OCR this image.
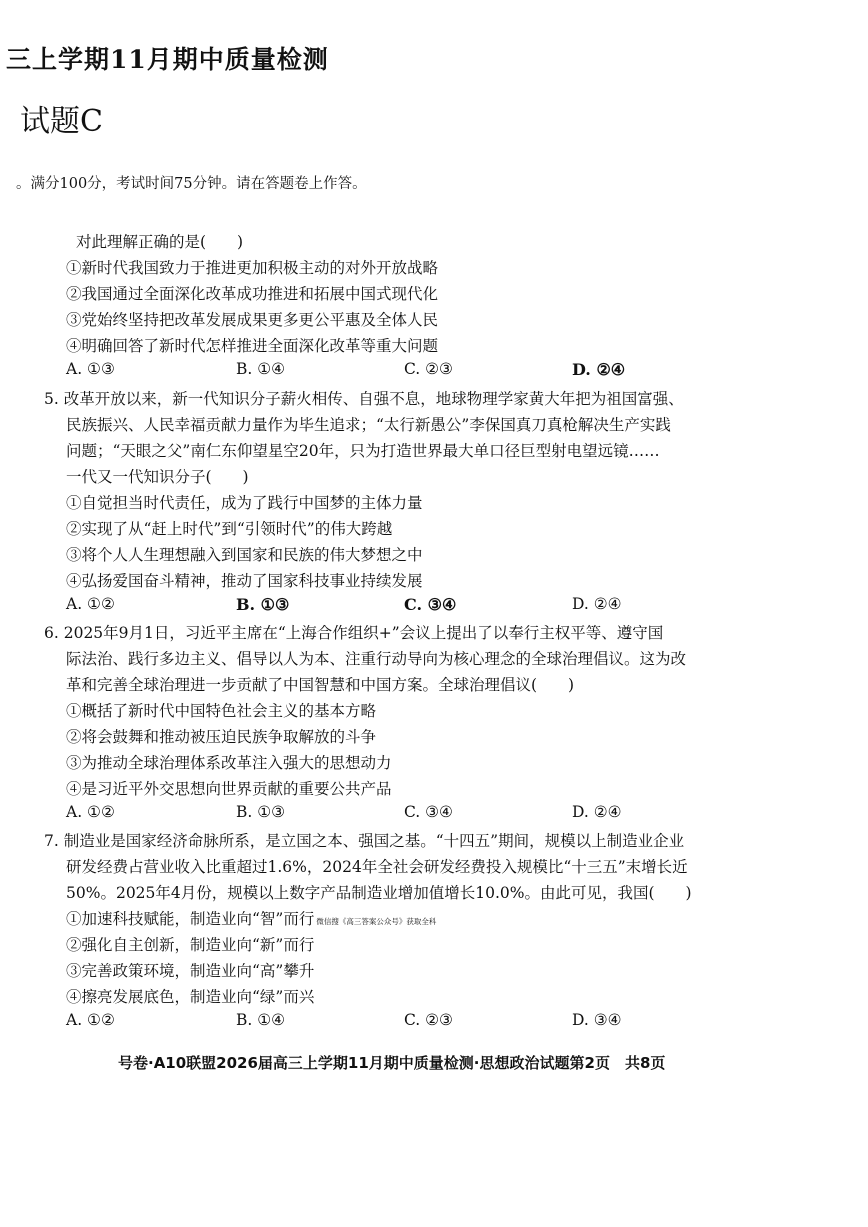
三上学期11月期中质量检测
试题C
。满分100分，考试时间75分钟。请在答题卷上作答。
对此理解正确的是(　　)
①新时代我国致力于推进更加积极主动的对外开放战略
②我国通过全面深化改革成功推进和拓展中国式现代化
③党始终坚持把改革发展成果更多更公平惠及全体人民
④明确回答了新时代怎样推进全面深化改革等重大问题
A. ①③	B. ①④	C. ②③	D. ②④
5. 改革开放以来，新一代知识分子薪火相传、自强不息，地球物理学家黄大年把为祖国富强、
民族振兴、人民幸福贡献力量作为毕生追求；“太行新愚公”李保国真刀真枪解决生产实践
问题；“天眼之父”南仁东仰望星空20年，只为打造世界最大单口径巨型射电望远镜……
一代又一代知识分子(　　)
①自觉担当时代责任，成为了践行中国梦的主体力量
②实现了从“赶上时代”到“引领时代”的伟大跨越
③将个人人生理想融入到国家和民族的伟大梦想之中
④弘扬爱国奋斗精神，推动了国家科技事业持续发展
A. ①②	B. ①③	C. ③④	D. ②④
6. 2025年9月1日，习近平主席在“上海合作组织+”会议上提出了以奉行主权平等、遵守国
际法治、践行多边主义、倡导以人为本、注重行动导向为核心理念的全球治理倡议。这为改
革和完善全球治理进一步贡献了中国智慧和中国方案。全球治理倡议(　　)
①概括了新时代中国特色社会主义的基本方略
②将会鼓舞和推动被压迫民族争取解放的斗争
③为推动全球治理体系改革注入强大的思想动力
④是习近平外交思想向世界贡献的重要公共产品
A. ①②	B. ①③	C. ③④	D. ②④
7. 制造业是国家经济命脉所系，是立国之本、强国之基。“十四五”期间，规模以上制造业企业
研发经费占营业收入比重超过1.6%，2024年全社会研发经费投入规模比“十三五”末增长近
50%。2025年4月份，规模以上数字产品制造业增加值增长10.0%。由此可见，我国(　　)
①加速科技赋能，制造业向“智”而行 微信搜《高三答案公众号》获取全科
②强化自主创新，制造业向“新”而行
③完善政策环境，制造业向“高”攀升
④擦亮发展底色，制造业向“绿”而兴
A. ①②	B. ①④	C. ②③	D. ③④
号卷·A10联盟2026届高三上学期11月期中质量检测·思想政治试题第2页　共8页
